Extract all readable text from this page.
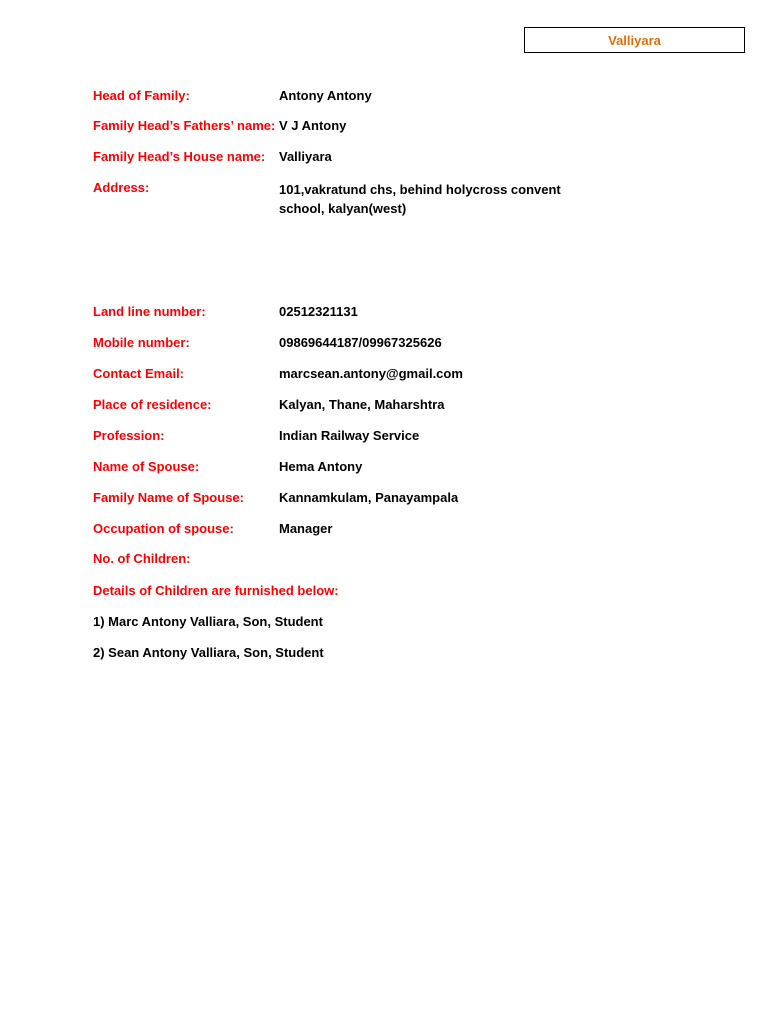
Valliyara
Head of Family:	Antony Antony
Family Head’s Fathers’ name: V J Antony
Family Head’s House name: Valliyara
Address:	101,vakratund chs, behind holycross convent school, kalyan(west)
Land line number:	02512321131
Mobile number:	09869644187/09967325626
Contact Email:	marcsean.antony@gmail.com
Place of residence:	Kalyan, Thane, Maharshtra
Profession:	Indian Railway Service
Name of Spouse:	Hema Antony
Family Name of Spouse:	Kannamkulam, Panayampala
Occupation of spouse:	Manager
No. of Children:
Details of Children are furnished below:
1) Marc Antony Valliara, Son, Student
2) Sean Antony Valliara, Son, Student
